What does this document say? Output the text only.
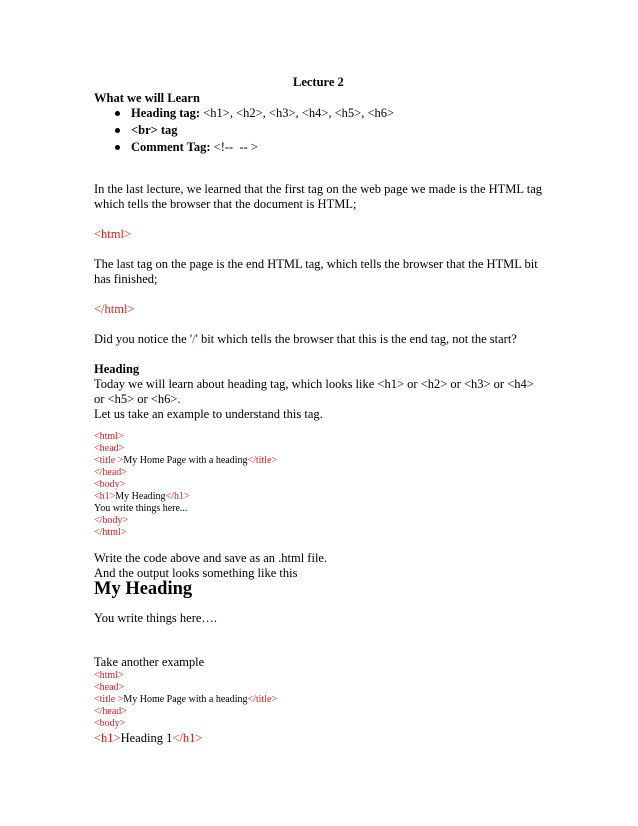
Lecture 2
What we will Learn
Heading tag: <h1>, <h2>, <h3>, <h4>, <h5>, <h6>
<br> tag
Comment Tag: <!--  -- >
In the last lecture, we learned that the first tag on the web page we made is the HTML tag
which tells the browser that the document is HTML;
<html>
The last tag on the page is the end HTML tag, which tells the browser that the HTML bit
has finished;
</html>
Did you notice the '/' bit which tells the browser that this is the end tag, not the start?
Heading
Today we will learn about heading tag, which looks like <h1> or <h2> or <h3> or <h4>
or <h5> or <h6>.
Let us take an example to understand this tag.
<html>
<head>
<title >My Home Page with a heading</title>
</head>
<body>
<h1>My Heading</h1>
You write things here...
</body>
</html>
Write the code above and save as an .html file.
And the output looks something like this
My Heading
You write things here….
Take another example
<html>
<head>
<title >My Home Page with a heading</title>
</head>
<body>
<h1>Heading 1</h1>
